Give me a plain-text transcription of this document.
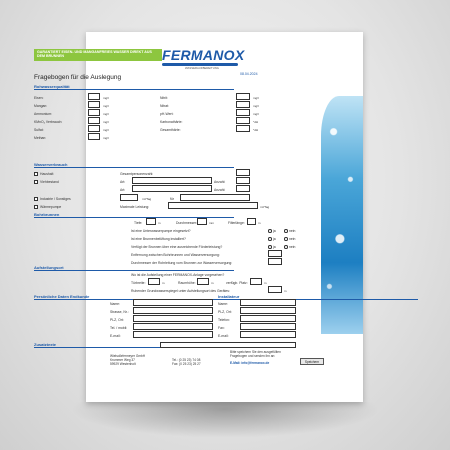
GARANTIERT EISEN- UND MANGANFREIES WASSER DIREKT AUS DEM BRUNNEN	FERMANOX
WASSERAUFBEREITUNG
08.04.2024
Fragebogen für die Auslegung
Rohwasserqualität
Eisen:	mg/l
Mangan:	mg/l
Ammonium:	mg/l
KMnO₄ Verbrauch:	mg/l
Sulfat:	mg/l
Methan:	mg/l
Nitrit:	mg/l
Nitrat:	mg/l
pH-Wert:	mg/l
Karbonathärte:	°dH
Gesamthärte:	°dH
Wasserverbrauch
Haushalt	Gesamtpersonenzahl:
Viehbestand	Art:	Anzahl:
Art:	Anzahl:
Industrie / Sonstiges	m³/Tag	für
Wärmepumpe	Maximale Leistung:	m³/Tag
Bohrbrunnen
Tiefe:	m	Durchmesser:	mm	Filterlänge:	m
Ist eine Unterwasserpumpe eingesetzt?	ja	nein
Ist eine Brunnenbelüftung installiert?	ja	nein
Verfügt der Brunnen über eine ausreichende Förderleistung?	ja	nein
Entfernung zwischen Bohrbrunnen und Wasserversorgung:
Durchmesser der Rohrleitung vom Brunnen zur Wasserversorgung:
Aufstellungsort
Wo ist die Aufstellung einer FERMANOX-Anlage vorgesehen?
Türbreite:	m	Raumhöhe:	m	verfügb. Platz:	m
Ruhender Grundwasserspiegel unter Aufstellungsort des Gerätes:	m
Persönliche Daten Endkunde
Name:
Strasse, Nr.:
PLZ, Ort:
Tel. / mobil:
E-mail:
Installateur
Name:
PLZ, Ort:
Telefon:
Fax:
E-mail:
Zusatztexte
Wielsdörfermeyer GmbH
Krummer Weg 37
59929 Westenholt
Tel.: (0 25 23) 74 08
Fax: (0 25 23) 25 27
Bitte speichern Sie den ausgefüllten
Fragebogen und senden ihn an:
E-Mail: info@fermanox.de	Speichern
